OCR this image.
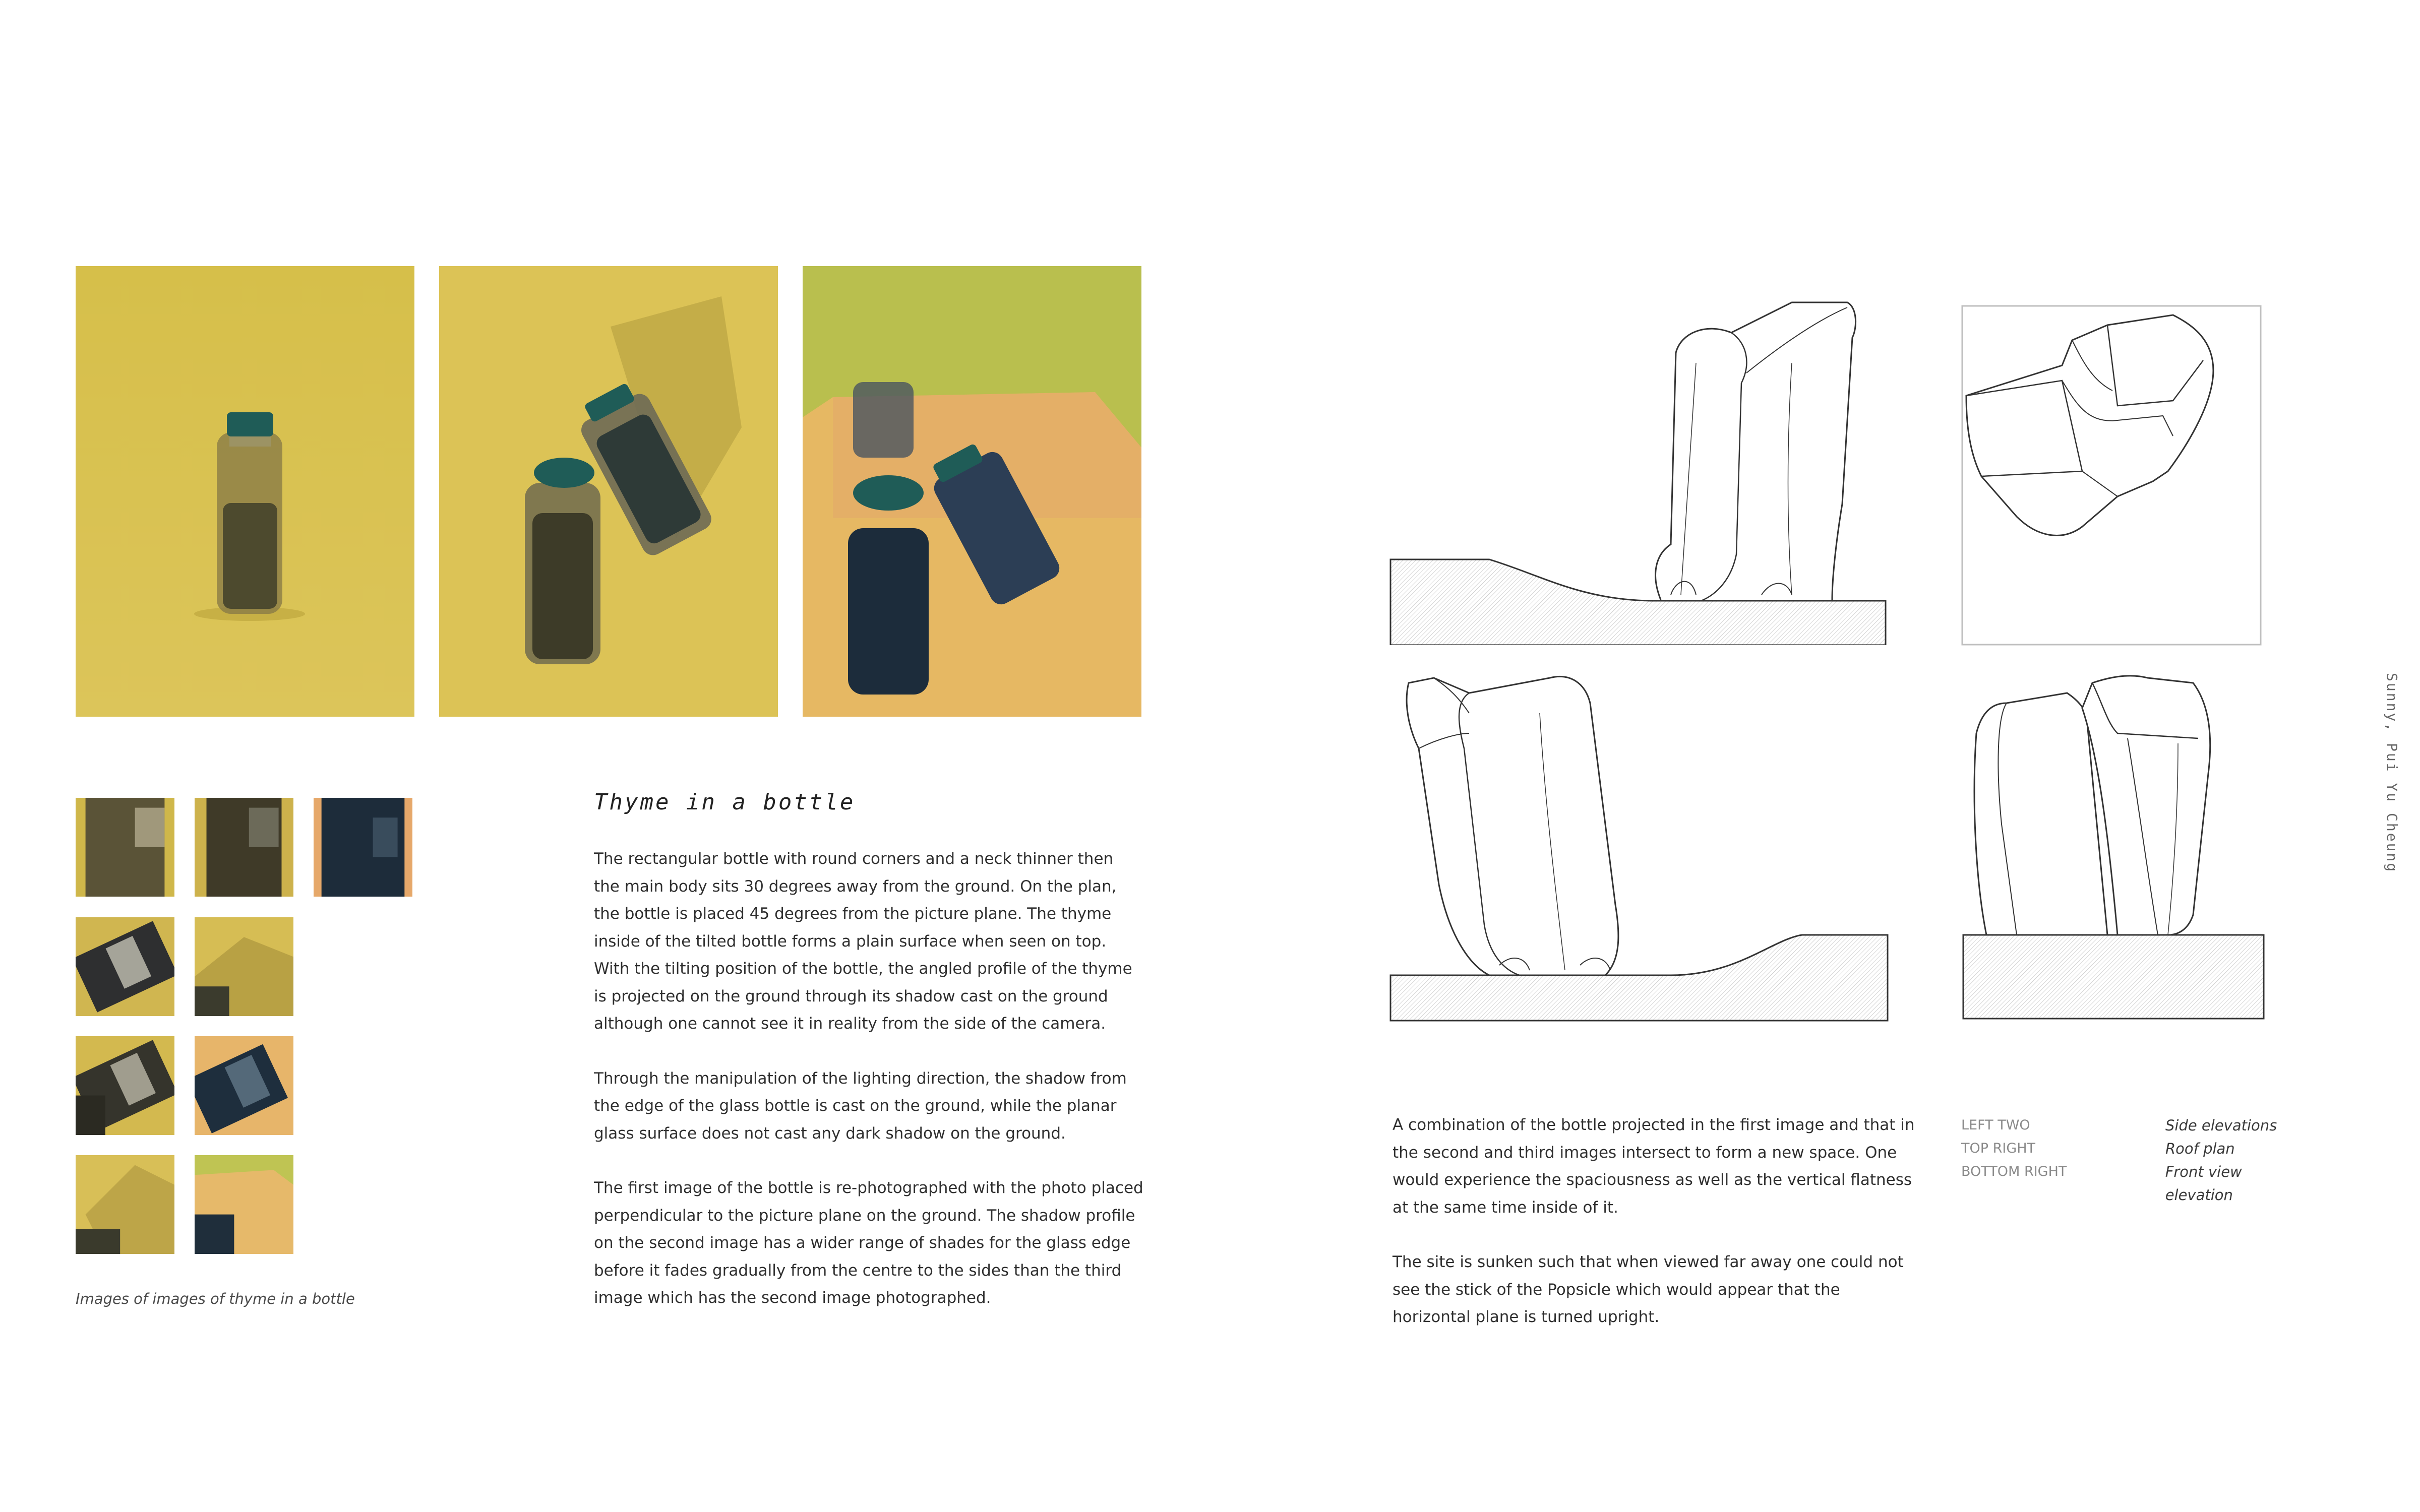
Images of images of thyme in a bottle
Thyme in a bottle

The rectangular bottle with round corners and a neck thinner then the main body sits 30 degrees away from the ground. On the plan, the bottle is placed 45 degrees from the picture plane. The thyme inside of the tilted bottle forms a plain surface when seen on top. With the tilting position of the bottle, the angled profile of the thyme is projected on the ground through its shadow cast on the ground although one cannot see it in reality from the side of the camera.

Through the manipulation of the lighting direction, the shadow from the edge of the glass bottle is cast on the ground, while the planar glass surface does not cast any dark shadow on the ground.

The first image of the bottle is re-photographed with the photo placed perpendicular to the picture plane on the ground. The shadow profile on the second image has a wider range of shades for the glass edge before it fades gradually from the centre to the sides than the third image which has the second image photographed.

A combination of the bottle projected in the first image and that in the second and third images intersect to form a new space. One would experience the spaciousness as well as the vertical flatness at the same time inside of it.

The site is sunken such that when viewed far away one could not see the stick of the Popsicle which would appear that the horizontal plane is turned upright.

LEFT TWO	Side elevations
TOP RIGHT	Roof plan
BOTTOM RIGHT	Front view elevation
Sunny, Pui Yu Cheung
